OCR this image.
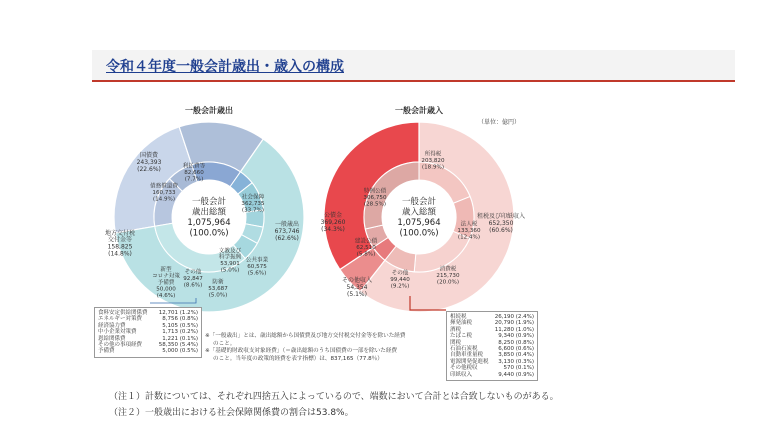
令和４年度一般会計歳出・歳入の構成
一般会計歳出
一般会計歳出総額 1,075,964 (100.0%)
国債費 243,393 (22.6%)
地方交付税交付金等 158,825 (14.8%)
一般歳出 673,746 (62.6%)
債務償還費 160,733 (14.9%)
利払費等 82,660 (7.7%)
新型コロナ対策予備費 50,000 (4.6%)
その他 92,847 (8.6%)	防衛 53,687 (5.0%)
文教及び科学振興 53,901 (5.0%)
公共事業 60,575 (5.6%)
社会保障 362,735 (33.7%)
一般会計歳入
一般会計歳入総額 1,075,964 (100.0%)
租税及び印紙収入 652,350 (60.6%)
その他収入 54,354 (5.1%)
公債金 369,260 (34.3%)
所得税 203,820 (18.9%)
法人税 133,360 (12.4%)
消費税 215,730 (20.0%)
その他 99,440 (9.2%)
建設公債 62,510 (5.8%)
特例公債 306,750 (28.5%)
（単位：億円）
食料安定供給関係費 12,701 (1.2%)
エネルギー対策費	8,756 (0.8%)
経済協力費	5,105 (0.5%)
中小企業対策費	1,713 (0.2%)
恩給関係費	1,221 (0.1%)
その他の事項経費	58,350 (5.4%)
予備費	5,000 (0.5%)
相続税	26,190 (2.4%)
揮発油税	20,790 (1.9%)
酒税	11,280 (1.0%)
たばこ税	9,340 (0.9%)
関税	8,250 (0.8%)
石油石炭税	6,600 (0.6%)
自動車重量税	3,850 (0.4%)
電源開発促進税 3,130 (0.3%)
その他税収	570 (0.1%)
印紙収入	9,440 (0.9%)
※「一般歳出」とは、歳出総額から国債費及び地方交付税交付金等を除いた経費
のこと。
※「基礎的財政収支対象経費」（＝歳出総額のうち国債費の一部を除いた経費
のこと。当年度の政策的経費を表す指標）は、837,165（77.8％）
（注１）計数については、それぞれ四捨五入によっているので、端数において合計とは合致しないものがある。
（注２）一般歳出における社会保障関係費の割合は53.8%。
